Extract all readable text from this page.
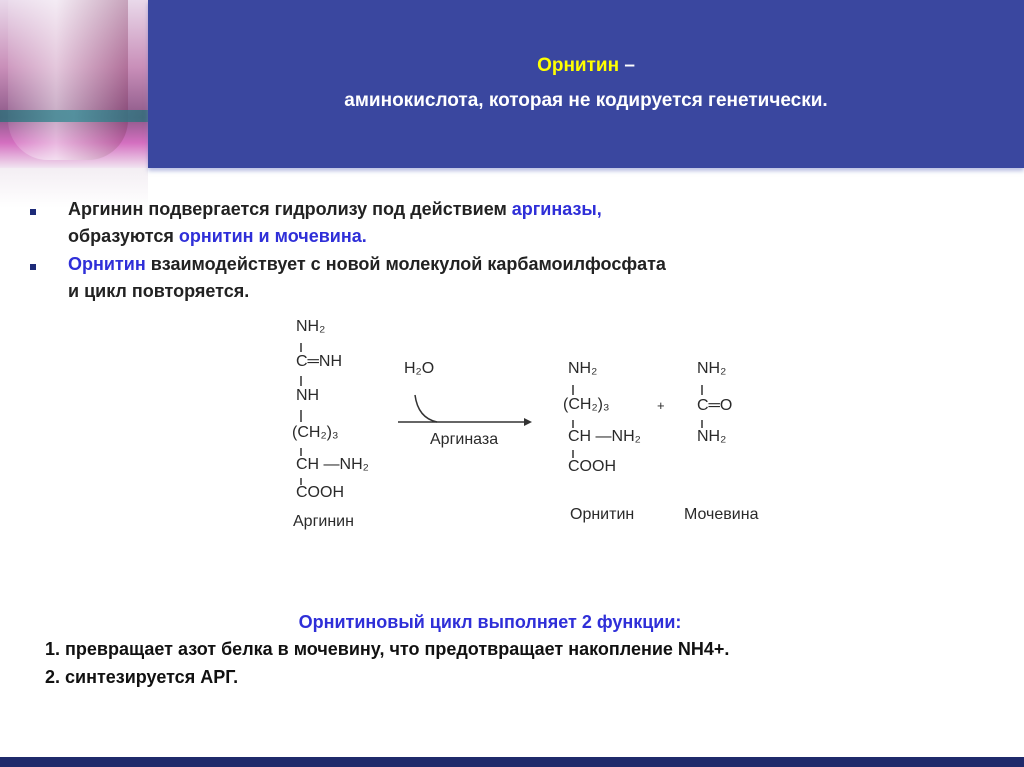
Орнитин –
аминокислота, которая не кодируется генетически.
Аргинин подвергается гидролизу под действием аргиназы,
образуются орнитин и мочевина.
Орнитин взаимодействует с новой молекулой карбамоилфосфата
и цикл повторяется.
NH₂
C═NH
NH
(CH₂)₃
CH —NH₂
COOH
Аргинин
H₂O
Аргиназа
NH₂
(CH₂)₃
CH —NH₂
COOH
Орнитин
+
NH₂
C═O
NH₂
Мочевина
Орнитиновый цикл выполняет 2 функции:
1. превращает азот белка в мочевину, что предотвращает накопление NH4+.
2. синтезируется АРГ.
